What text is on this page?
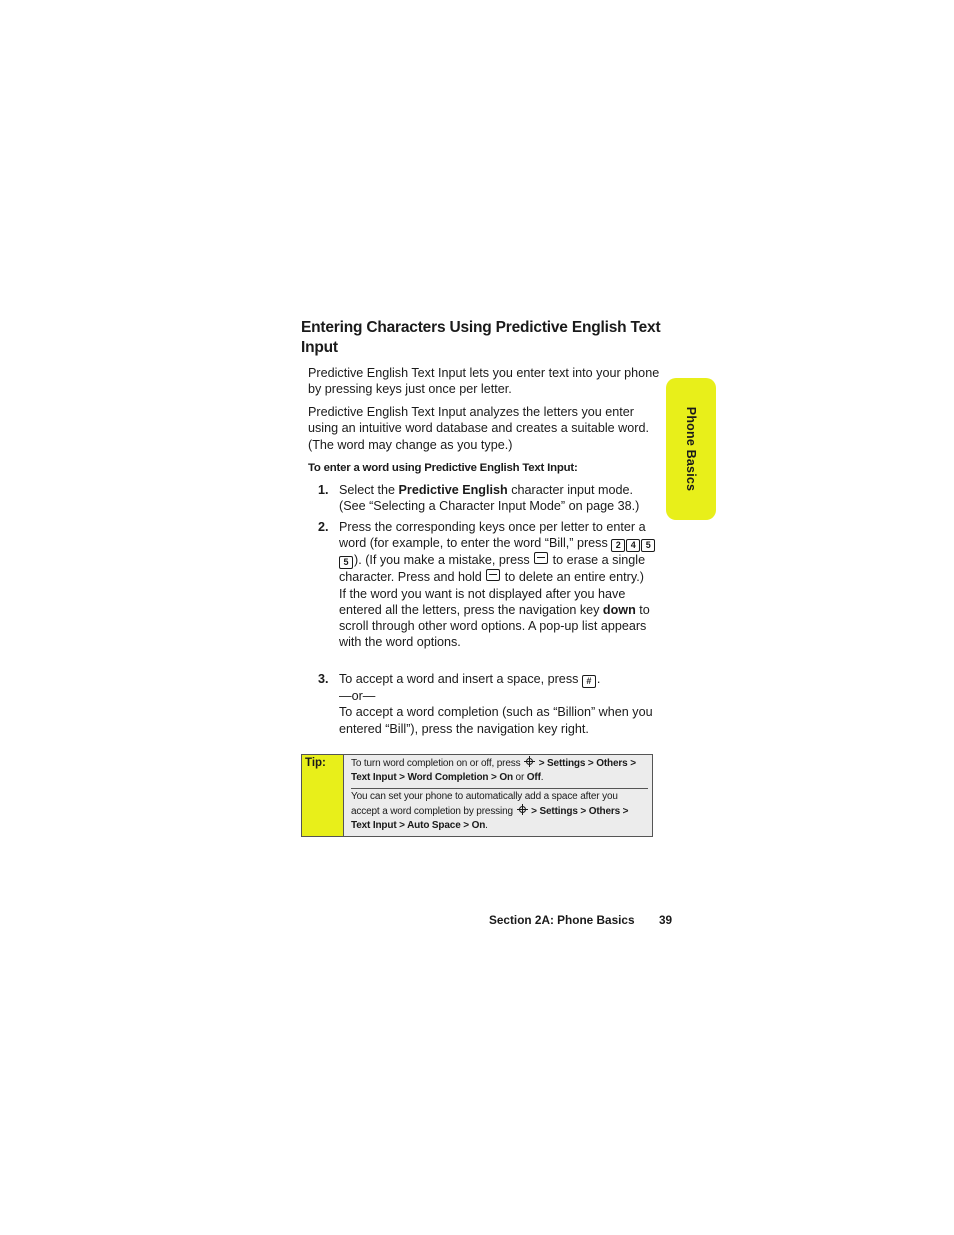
Entering Characters Using Predictive English Text Input

Predictive English Text Input lets you enter text into your phone by pressing keys just once per letter.

Predictive English Text Input analyzes the letters you enter using an intuitive word database and creates a suitable word. (The word may change as you type.)

To enter a word using Predictive English Text Input:

1. Select the Predictive English character input mode. (See “Selecting a Character Input Mode” on page 38.)

2. Press the corresponding keys once per letter to enter a word (for example, to enter the word “Bill,” press 2 4 55 ). (If you make a mistake, press  to erase a single character. Press and hold  to delete an entire entry.)

If the word you want is not displayed after you have entered all the letters, press the navigation key down to scroll through other word options. A pop-up list appears with the word options.

3. To accept a word and insert a space, press # .

—or—

To accept a word completion (such as “Billion” when you entered “Bill”), press the navigation key right.

Phone Basics
Tip:	To turn word completion on or off, press
> Settings > Others > Text Input > Word Completion > On or Off.
You can set your phone to automatically add a space after you accept a word completion by pressing
> Settings > Others > Text Input > Auto Space > On.

Section 2A: Phone Basics 39
